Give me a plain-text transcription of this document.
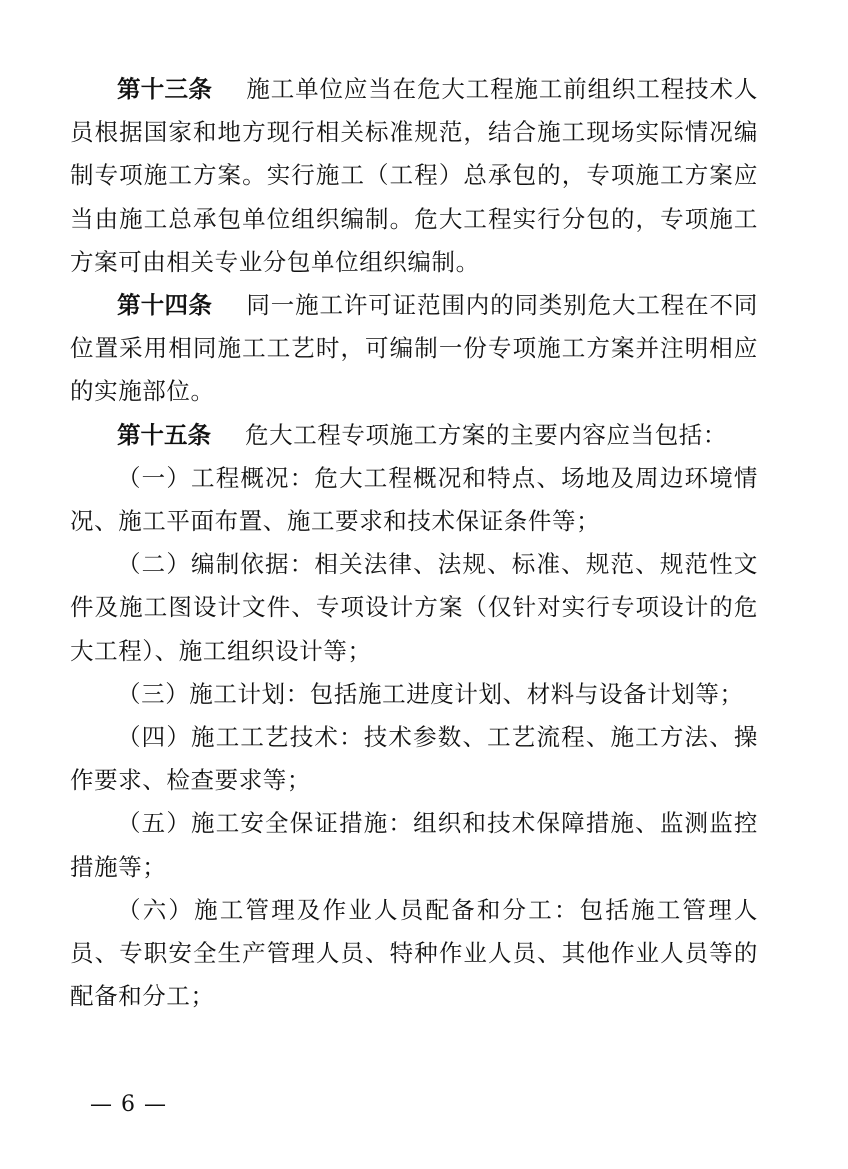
第十三条 施工单位应当在危大工程施工前组织工程技术人员根据国家和地方现行相关标准规范，结合施工现场实际情况编制专项施工方案。实行施工（工程）总承包的，专项施工方案应当由施工总承包单位组织编制。危大工程实行分包的，专项施工方案可由相关专业分包单位组织编制。

第十四条 同一施工许可证范围内的同类别危大工程在不同位置采用相同施工工艺时，可编制一份专项施工方案并注明相应的实施部位。

第十五条 危大工程专项施工方案的主要内容应当包括：

（一）工程概况：危大工程概况和特点、场地及周边环境情况、施工平面布置、施工要求和技术保证条件等；

（二）编制依据：相关法律、法规、标准、规范、规范性文件及施工图设计文件、专项设计方案（仅针对实行专项设计的危大工程）、施工组织设计等；

（三）施工计划：包括施工进度计划、材料与设备计划等；

（四）施工工艺技术：技术参数、工艺流程、施工方法、操作要求、检查要求等；

（五）施工安全保证措施：组织和技术保障措施、监测监控措施等；

（六）施工管理及作业人员配备和分工：包括施工管理人员、专职安全生产管理人员、特种作业人员、其他作业人员等的配备和分工；

— 6 —
